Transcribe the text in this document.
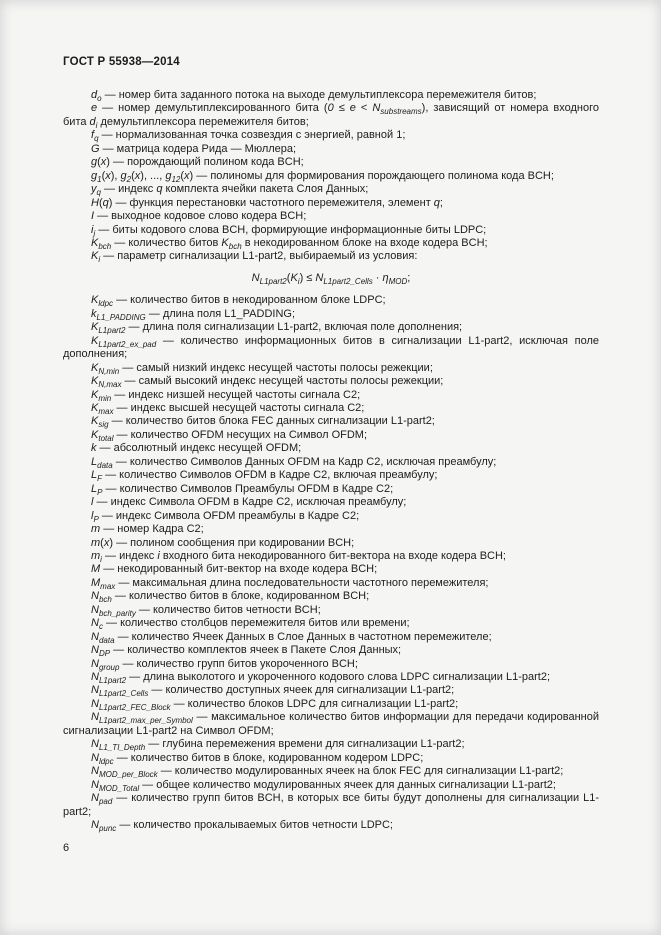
ГОСТ Р 55938—2014

$d_o$ — номер бита заданного потока на выходе демультиплексора перемежителя битов;

e — номер демультиплексированного бита $(0 \le e < N_{substreams})$, зависящий от номера входного бита $d_i$ демультиплексора перемежителя битов;

$f_q$ — нормализованная точка созвездия с энергией, равной 1;

G — матрица кодера Рида — Мюллера;

g(x) — порождающий полином кода BCH;

$g_1(x)$, $g_2(x)$, ..., $g_{12}(x)$ — полиномы для формирования порождающего полинома кода BCH;

$y_q$ — индекс q комплекта ячейки пакета Слоя Данных;

H(q) — функция перестановки частотного перемежителя, элемент q;

I — выходное кодовое слово кодера BCH;

$i_j$ — биты кодового слова BCH, формирующие информационные биты LDPC;

$K_{bch}$ — количество битов $K_{bch}$ в некодированном блоке на входе кодера BCH;

$K_i$ — параметр сигнализации L1-part2, выбираемый из условия:

$N_{L1part2}(K_i) \le N_{L1part2\_Cells} \cdot \eta_{MOD}$;

$K_{ldpc}$ — количество битов в некодированном блоке LDPC;

$k_{L1\_PADDING}$ — длина поля L1_PADDING;

$K_{L1part2}$ — длина поля сигнализации L1-part2, включая поле дополнения;

$K_{L1part2\_ex\_pad}$ — количество информационных битов в сигнализации L1-part2, исключая поле дополнения;

$K_{N,min}$ — самый низкий индекс несущей частоты полосы режекции;

$K_{N,max}$ — самый высокий индекс несущей частоты полосы режекции;

$K_{min}$ — индекс низшей несущей частоты сигнала C2;

$K_{max}$ — индекс высшей несущей частоты сигнала C2;

$K_{sig}$ — количество битов блока FEC данных сигнализации L1-part2;

$K_{total}$ — количество OFDM несущих на Символ OFDM;

k — абсолютный индекс несущей OFDM;

$L_{data}$ — количество Символов Данных OFDM на Кадр C2, исключая преамбулу;

$L_F$ — количество Символов OFDM в Кадре C2, включая преамбулу;

$L_P$ — количество Символов Преамбулы OFDM в Кадре C2;

l — индекс Символа OFDM в Кадре C2, исключая преамбулу;

$l_P$ — индекс Символа OFDM преамбулы в Кадре C2;

m — номер Кадра C2;

m(x) — полином сообщения при кодировании BCH;

$m_i$ — индекс i входного бита некодированного бит-вектора на входе кодера BCH;

M — некодированный бит-вектор на входе кодера BCH;

$M_{max}$ — максимальная длина последовательности частотного перемежителя;

$N_{bch}$ — количество битов в блоке, кодированном BCH;

$N_{bch\_parity}$ — количество битов четности BCH;

$N_c$ — количество столбцов перемежителя битов или времени;

$N_{data}$ — количество Ячеек Данных в Слое Данных в частотном перемежителе;

$N_{DP}$ — количество комплектов ячеек в Пакете Слоя Данных;

$N_{group}$ — количество групп битов укороченного BCH;

$N_{L1part2}$ — длина выколотого и укороченного кодового слова LDPC сигнализации L1-part2;

$N_{L1part2\_Cells}$ — количество доступных ячеек для сигнализации L1-part2;

$N_{L1part2\_FEC\_Block}$ — количество блоков LDPC для сигнализации L1-part2;

$N_{L1part2\_max\_per\_Symbol}$ — максимальное количество битов информации для передачи кодированной сигнализации L1-part2 на Символ OFDM;

$N_{L1\_TI\_Depth}$ — глубина перемежения времени для сигнализации L1-part2;

$N_{ldpc}$ — количество битов в блоке, кодированном кодером LDPC;

$N_{MOD\_per\_Block}$ — количество модулированных ячеек на блок FEC для сигнализации L1-part2;

$N_{MOD\_Total}$ — общее количество модулированных ячеек для данных сигнализации L1-part2;

$N_{pad}$ — количество групп битов BCH, в которых все биты будут дополнены для сигнализации L1-part2;

$N_{punc}$ — количество прокалываемых битов четности LDPC;

6
